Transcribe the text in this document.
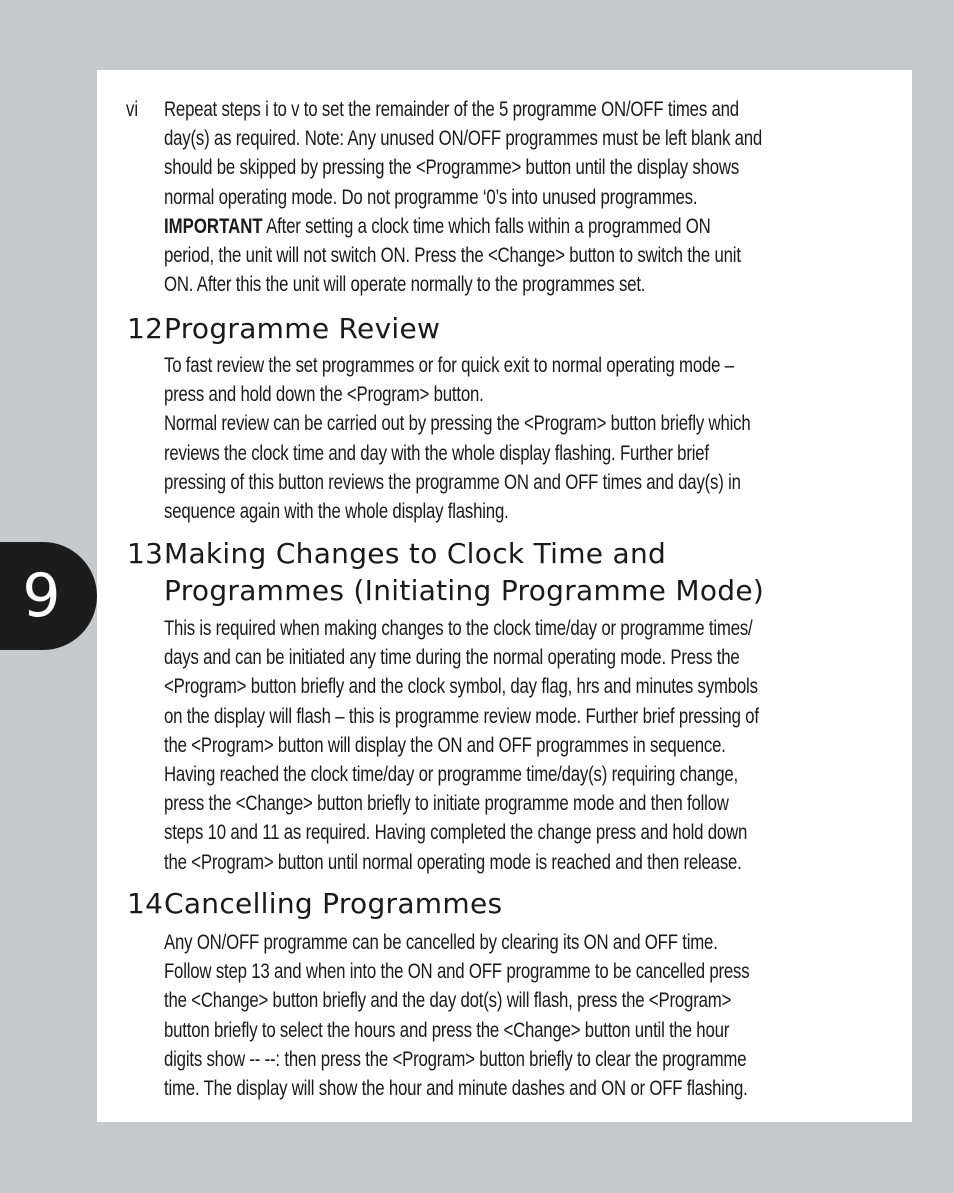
9
vi Repeat steps i to v to set the remainder of the 5 programme ON/OFF times and

day(s) as required. Note: Any unused ON/OFF programmes must be left blank and

should be skipped by pressing the <Programme> button until the display shows

normal operating mode. Do not programme ‘0’s into unused programmes.

IMPORTANT After setting a clock time which falls within a programmed ON

period, the unit will not switch ON. Press the <Change> button to switch the unit

ON. After this the unit will operate normally to the programmes set.

12Programme Review

To fast review the set programmes or for quick exit to normal operating mode –

press and hold down the <Program> button.

Normal review can be carried out by pressing the <Program> button briefly which

reviews the clock time and day with the whole display flashing. Further brief

pressing of this button reviews the programme ON and OFF times and day(s) in

sequence again with the whole display flashing.

13Making Changes to Clock Time and
Programmes (Initiating Programme Mode)

This is required when making changes to the clock time/day or programme times/

days and can be initiated any time during the normal operating mode. Press the

<Program> button briefly and the clock symbol, day flag, hrs and minutes symbols

on the display will flash – this is programme review mode. Further brief pressing of

the <Program> button will display the ON and OFF programmes in sequence.

Having reached the clock time/day or programme time/day(s) requiring change,

press the <Change> button briefly to initiate programme mode and then follow

steps 10 and 11 as required. Having completed the change press and hold down

the <Program> button until normal operating mode is reached and then release.

14Cancelling Programmes

Any ON/OFF programme can be cancelled by clearing its ON and OFF time.

Follow step 13 and when into the ON and OFF programme to be cancelled press

the <Change> button briefly and the day dot(s) will flash, press the <Program>

button briefly to select the hours and press the <Change> button until the hour

digits show -- --: then press the <Program> button briefly to clear the programme

time. The display will show the hour and minute dashes and ON or OFF flashing.
